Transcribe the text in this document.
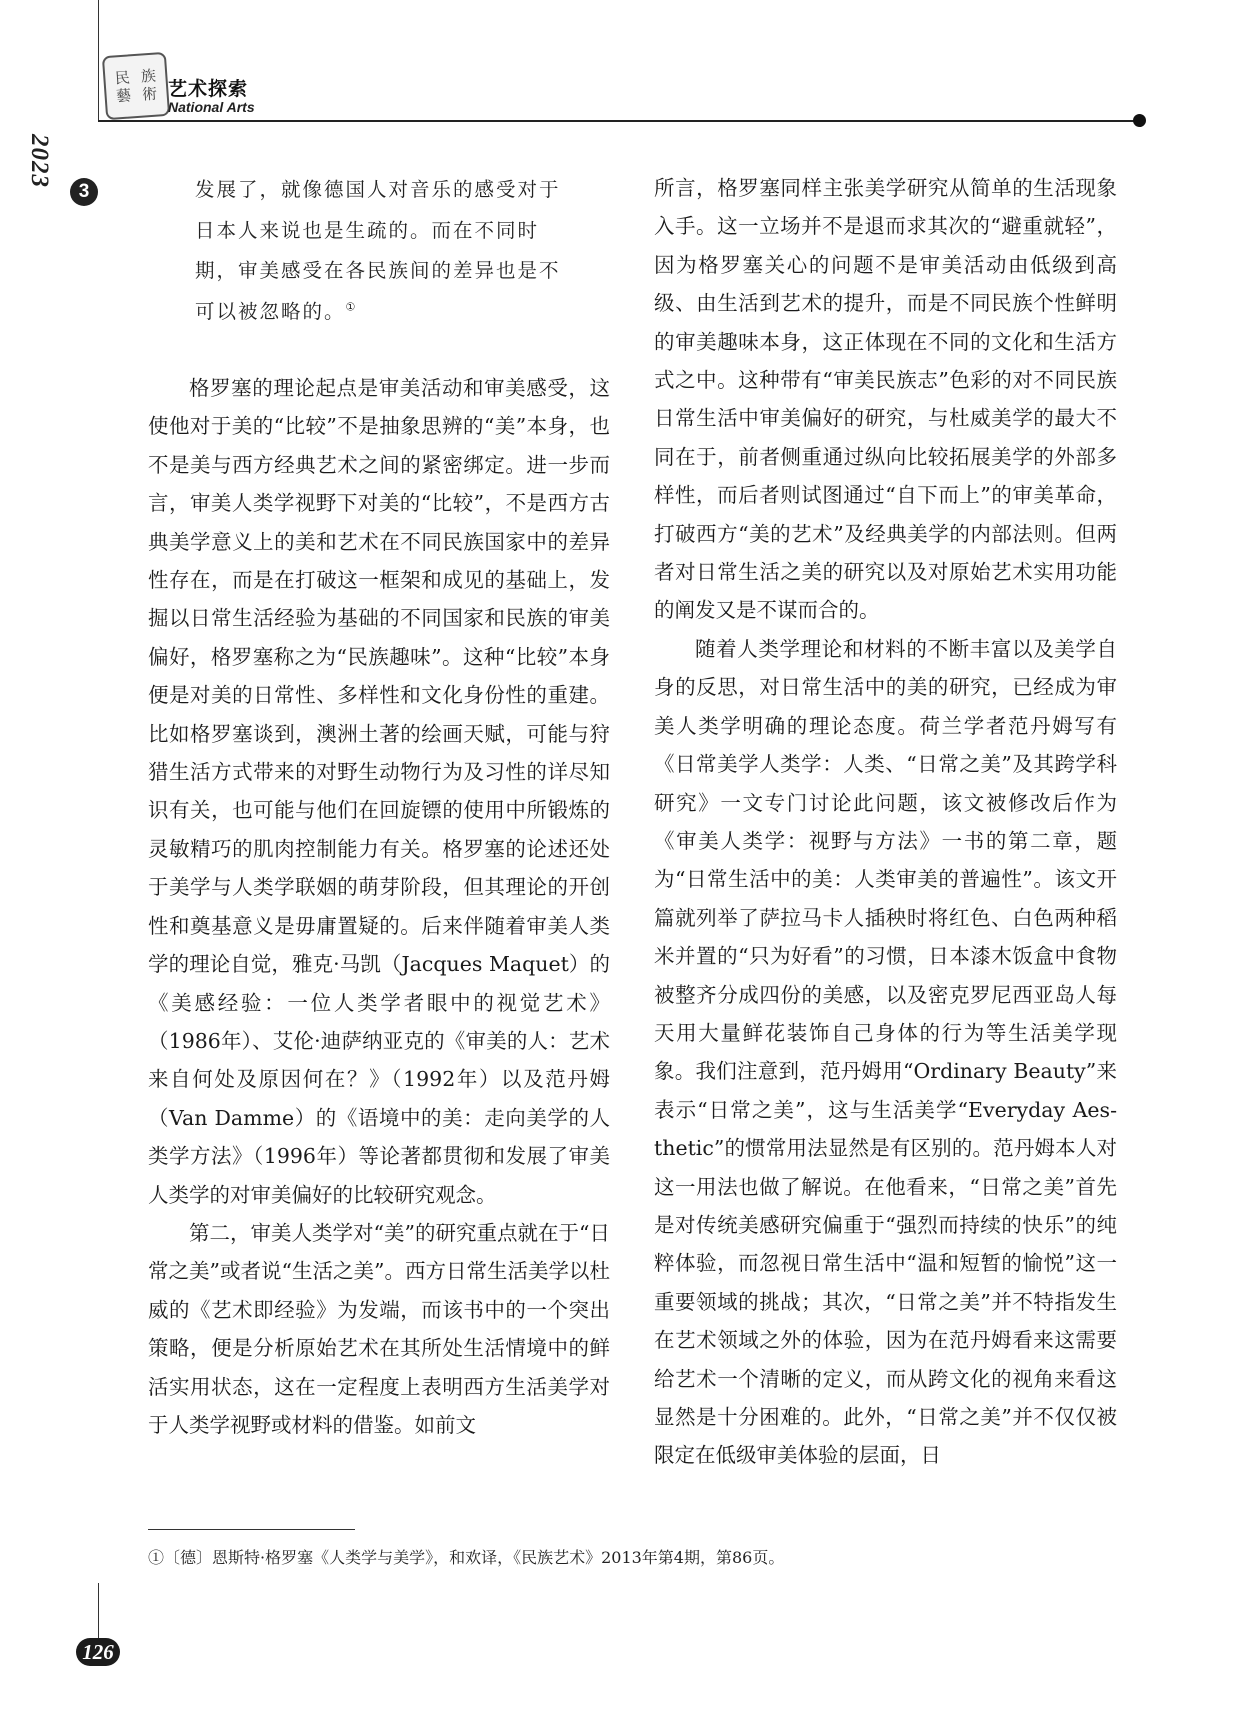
民 族
藝 術 艺术探索
National Arts
2023
3	发展了，就像德国人对音乐的感受对于日本人来说也是生疏的。而在不同时期，审美感受在各民族间的差异也是不可以被忽略的。①

格罗塞的理论起点是审美活动和审美感受，这使他对于美的“比较”不是抽象思辨的“美”本身，也不是美与西方经典艺术之间的紧密绑定。进一步而言，审美人类学视野下对美的“比较”，不是西方古典美学意义上的美和艺术在不同民族国家中的差异性存在，而是在打破这一框架和成见的基础上，发掘以日常生活经验为基础的不同国家和民族的审美偏好，格罗塞称之为“民族趣味”。这种“比较”本身便是对美的日常性、多样性和文化身份性的重建。比如格罗塞谈到，澳洲土著的绘画天赋，可能与狩猎生活方式带来的对野生动物行为及习性的详尽知识有关，也可能与他们在回旋镖的使用中所锻炼的灵敏精巧的肌肉控制能力有关。格罗塞的论述还处于美学与人类学联姻的萌芽阶段，但其理论的开创性和奠基意义是毋庸置疑的。后来伴随着审美人类学的理论自觉，雅克·马凯（Jacques Maquet）的《美感经验：一位人类学者眼中的视觉艺术》（1986年）、艾伦·迪萨纳亚克的《审美的人：艺术来自何处及原因何在？》（1992年）以及范丹姆（Van Damme）的《语境中的美：走向美学的人类学方法》（1996年）等论著都贯彻和发展了审美人类学的对审美偏好的比较研究观念。

第二，审美人类学对“美”的研究重点就在于“日常之美”或者说“生活之美”。西方日常生活美学以杜威的《艺术即经验》为发端，而该书中的一个突出策略，便是分析原始艺术在其所处生活情境中的鲜活实用状态，这在一定程度上表明西方生活美学对于人类学视野或材料的借鉴。如前文

所言，格罗塞同样主张美学研究从简单的生活现象入手。这一立场并不是退而求其次的“避重就轻”，因为格罗塞关心的问题不是审美活动由低级到高级、由生活到艺术的提升，而是不同民族个性鲜明的审美趣味本身，这正体现在不同的文化和生活方式之中。这种带有“审美民族志”色彩的对不同民族日常生活中审美偏好的研究，与杜威美学的最大不同在于，前者侧重通过纵向比较拓展美学的外部多样性，而后者则试图通过“自下而上”的审美革命，打破西方“美的艺术”及经典美学的内部法则。但两者对日常生活之美的研究以及对原始艺术实用功能的阐发又是不谋而合的。

随着人类学理论和材料的不断丰富以及美学自身的反思，对日常生活中的美的研究，已经成为审美人类学明确的理论态度。荷兰学者范丹姆写有《日常美学人类学：人类、“日常之美”及其跨学科研究》一文专门讨论此问题，该文被修改后作为《审美人类学：视野与方法》一书的第二章，题为“日常生活中的美：人类审美的普遍性”。该文开篇就列举了萨拉马卡人插秧时将红色、白色两种稻米并置的“只为好看”的习惯，日本漆木饭盒中食物被整齐分成四份的美感，以及密克罗尼西亚岛人每天用大量鲜花装饰自己身体的行为等生活美学现象。我们注意到，范丹姆用“Ordinary Beauty”来表示“日常之美”，这与生活美学“Everyday Aes-thetic”的惯常用法显然是有区别的。范丹姆本人对这一用法也做了解说。在他看来，“日常之美”首先是对传统美感研究偏重于“强烈而持续的快乐”的纯粹体验，而忽视日常生活中“温和短暂的愉悦”这一重要领域的挑战；其次，“日常之美”并不特指发生在艺术领域之外的体验，因为在范丹姆看来这需要给艺术一个清晰的定义，而从跨文化的视角来看这显然是十分困难的。此外，“日常之美”并不仅仅被限定在低级审美体验的层面，日

①〔德〕恩斯特·格罗塞《人类学与美学》，和欢译，《民族艺术》2013年第4期，第86页。
126
